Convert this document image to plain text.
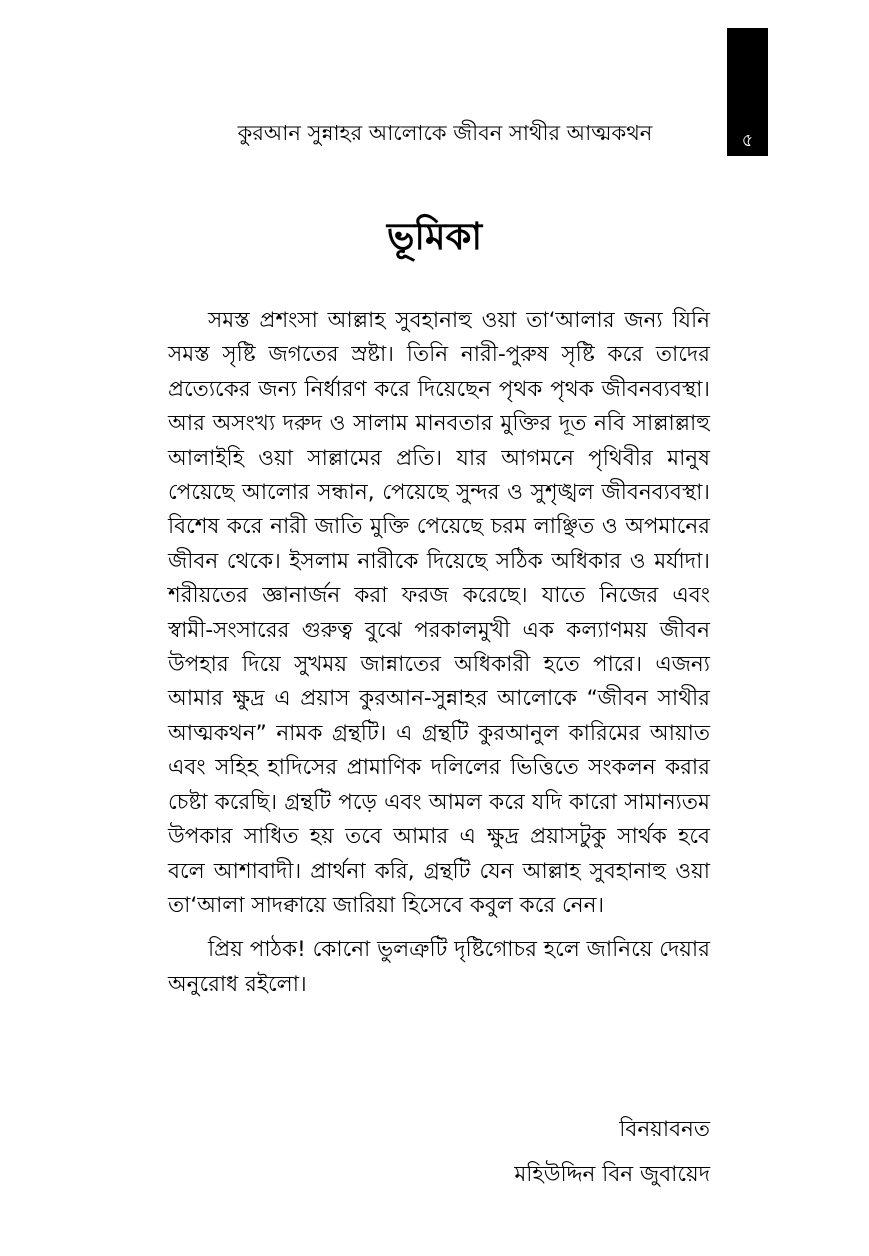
কুরআন সুন্নাহর আলোকে জীবন সাথীর আত্মকথন	৫
ভূমিকা

সমস্ত প্রশংসা আল্লাহ সুবহানাহু ওয়া তা‘আলার জন্য যিনি সমস্ত সৃষ্টি জগতের স্রষ্টা। তিনি নারী-পুরুষ সৃষ্টি করে তাদের প্রত্যেকের জন্য নির্ধারণ করে দিয়েছেন পৃথক পৃথক জীবনব্যবস্থা। আর অসংখ্য দরুদ ও সালাম মানবতার মুক্তির দূত নবি সাল্লাল্লাহু আলাইহি ওয়া সাল্লামের প্রতি। যার আগমনে পৃথিবীর মানুষ পেয়েছে আলোর সন্ধান, পেয়েছে সুন্দর ও সুশৃঙ্খল জীবনব্যবস্থা। বিশেষ করে নারী জাতি মুক্তি পেয়েছে চরম লাঞ্ছিত ও অপমানের জীবন থেকে। ইসলাম নারীকে দিয়েছে সঠিক অধিকার ও মর্যাদা। শরীয়তের জ্ঞানার্জন করা ফরজ করেছে। যাতে নিজের এবং স্বামী-সংসারের গুরুত্ব বুঝে পরকালমুখী এক কল্যাণময় জীবন উপহার দিয়ে সুখময় জান্নাতের অধিকারী হতে পারে। এজন্য আমার ক্ষুদ্র এ প্রয়াস কুরআন-সুন্নাহর আলোকে “জীবন সাথীর আত্মকথন” নামক গ্রন্থটি। এ গ্রন্থটি কুরআনুল কারিমের আয়াত এবং সহিহ হাদিসের প্রামাণিক দলিলের ভিত্তিতে সংকলন করার চেষ্টা করেছি। গ্রন্থটি পড়ে এবং আমল করে যদি কারো সামান্যতম উপকার সাধিত হয় তবে আমার এ ক্ষুদ্র প্রয়াসটুকু সার্থক হবে বলে আশাবাদী। প্রার্থনা করি, গ্রন্থটি যেন আল্লাহ সুবহানাহু ওয়া তা‘আলা সাদক্বায়ে জারিয়া হিসেবে কবুল করে নেন।

প্রিয় পাঠক! কোনো ভুলত্রুটি দৃষ্টিগোচর হলে জানিয়ে দেয়ার অনুরোধ রইলো।

বিনয়াবনত
মহিউদ্দিন বিন জুবায়েদ
